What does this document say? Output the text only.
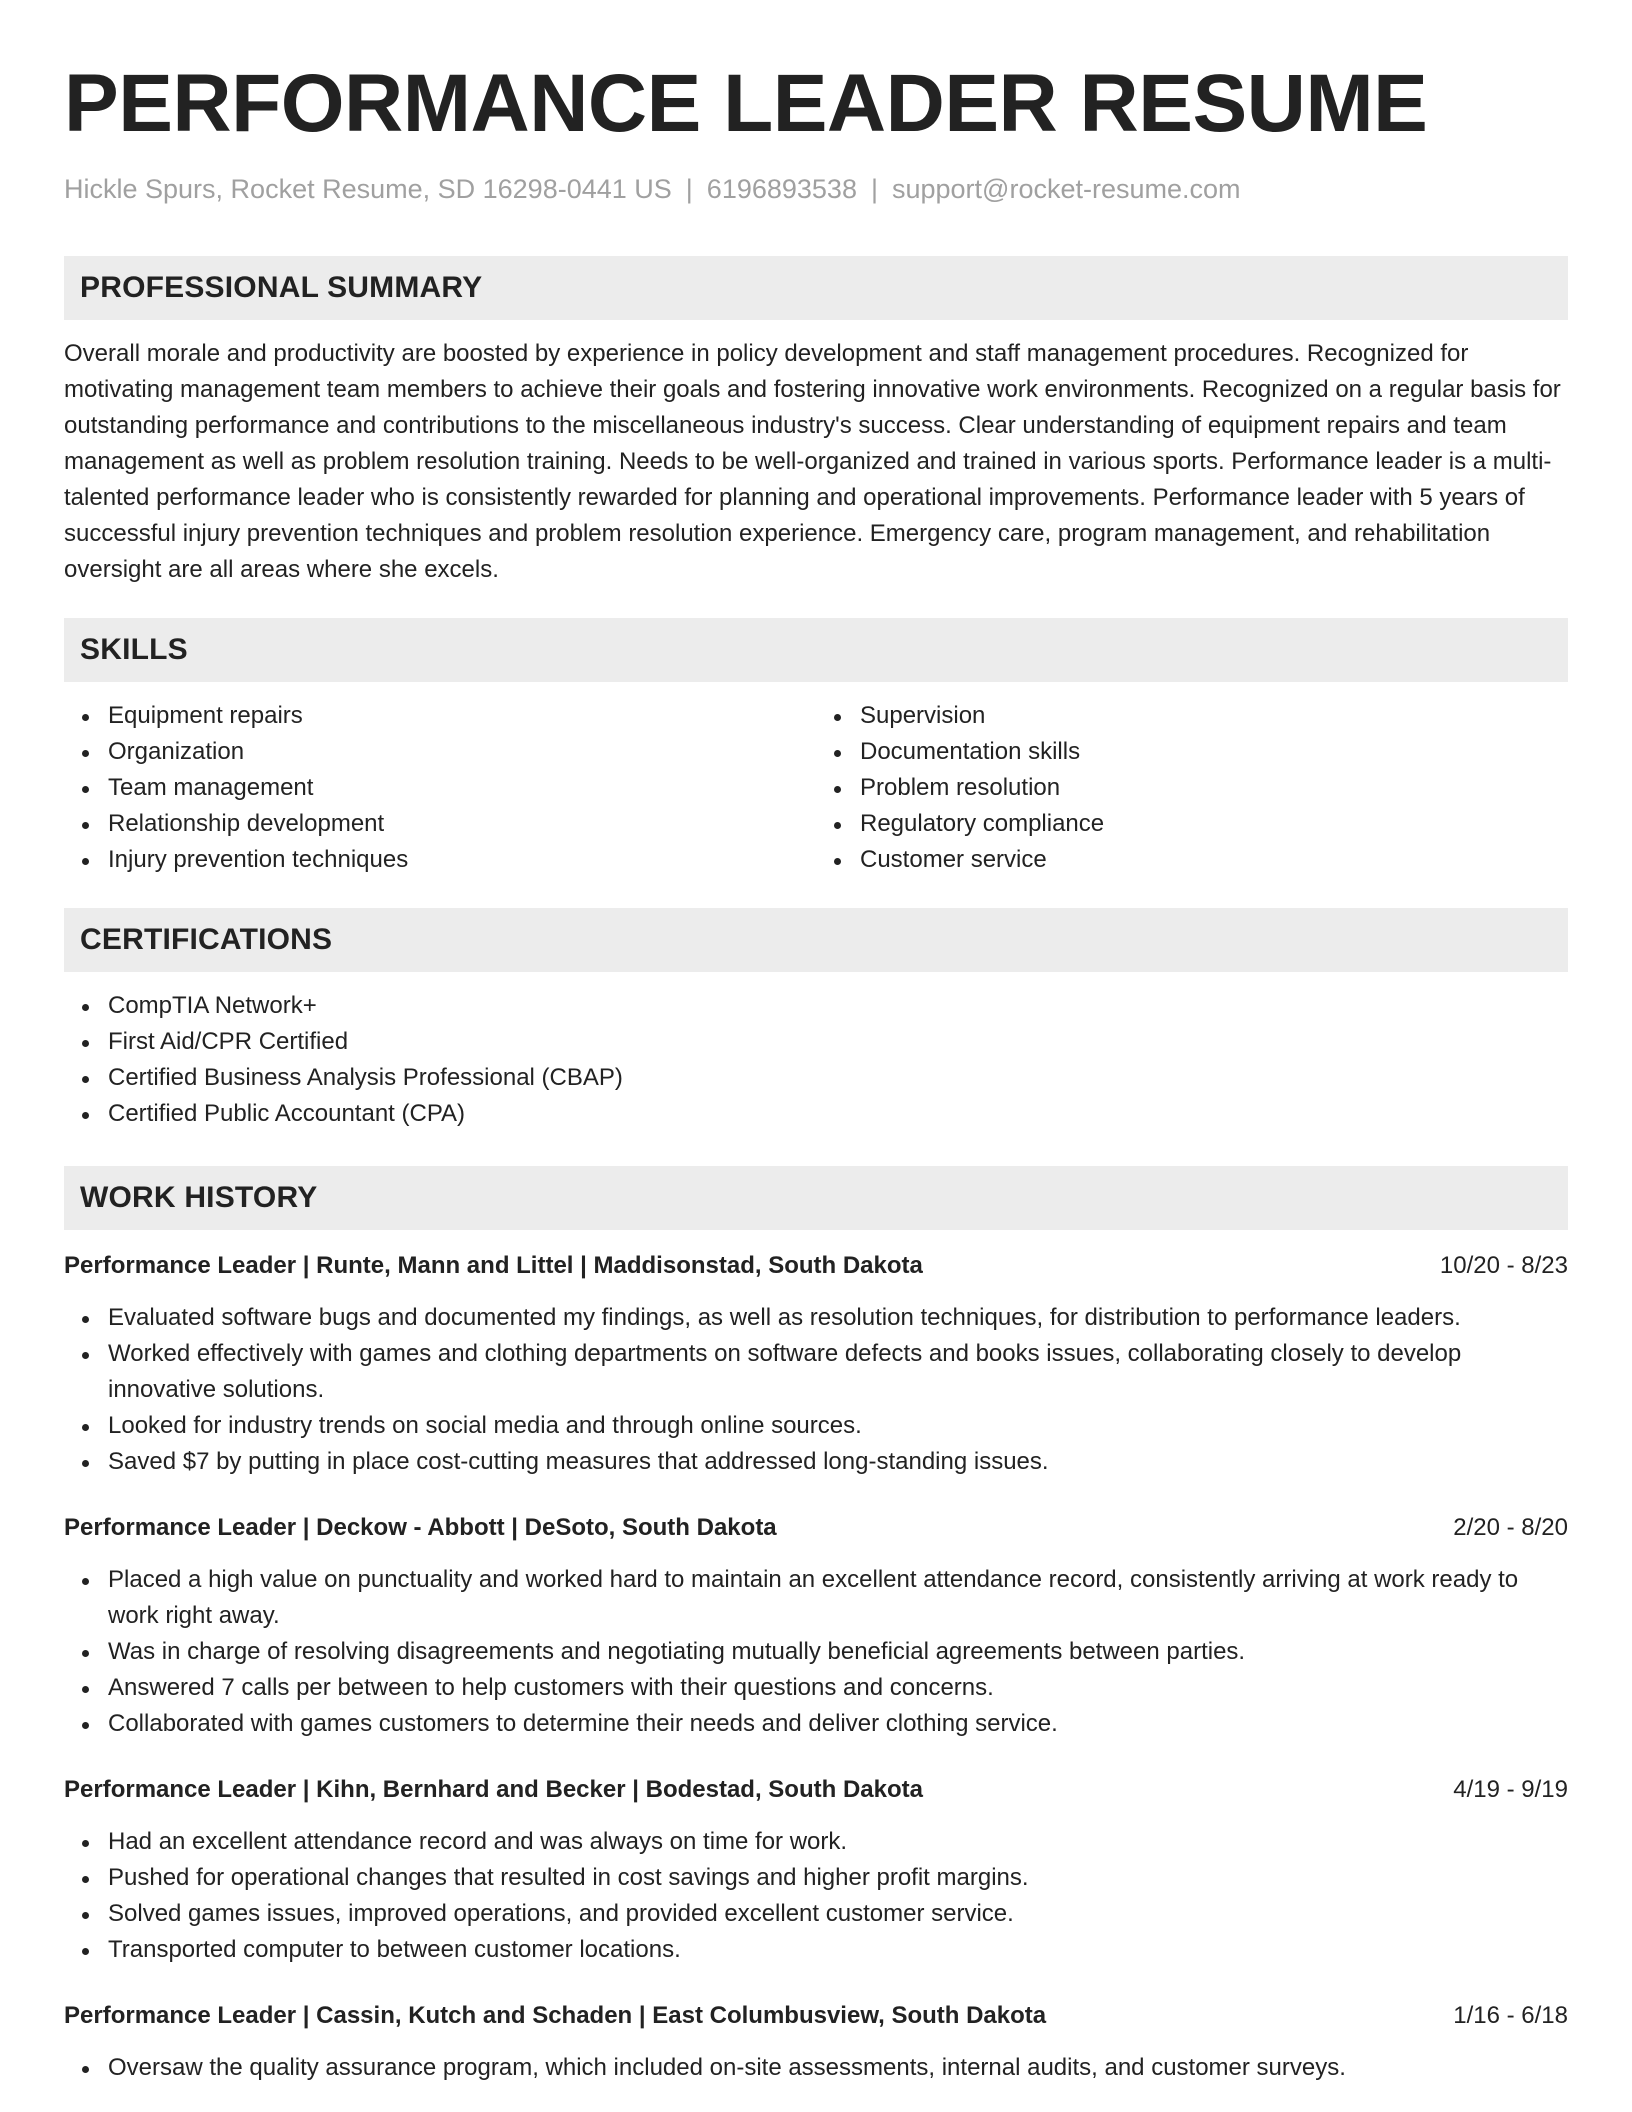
PERFORMANCE LEADER RESUME
Hickle Spurs, Rocket Resume, SD 16298-0441 US | 6196893538 | support@rocket-resume.com
PROFESSIONAL SUMMARY

Overall morale and productivity are boosted by experience in policy development and staff management procedures. Recognized for motivating management team members to achieve their goals and fostering innovative work environments. Recognized on a regular basis for outstanding performance and contributions to the miscellaneous industry's success. Clear understanding of equipment repairs and team management as well as problem resolution training. Needs to be well-organized and trained in various sports. Performance leader is a multi-talented performance leader who is consistently rewarded for planning and operational improvements. Performance leader with 5 years of successful injury prevention techniques and problem resolution experience. Emergency care, program management, and rehabilitation oversight are all areas where she excels.

SKILLS
Equipment repairs
Organization
Team management
Relationship development
Injury prevention techniques
Supervision
Documentation skills
Problem resolution
Regulatory compliance
Customer service
CERTIFICATIONS
CompTIA Network+
First Aid/CPR Certified
Certified Business Analysis Professional (CBAP)
Certified Public Accountant (CPA)
WORK HISTORY
Performance Leader | Runte, Mann and Littel | Maddisonstad, South Dakota	10/20 - 8/23
Evaluated software bugs and documented my findings, as well as resolution techniques, for distribution to performance leaders.
Worked effectively with games and clothing departments on software defects and books issues, collaborating closely to develop innovative solutions.
Looked for industry trends on social media and through online sources.
Saved $7 by putting in place cost-cutting measures that addressed long-standing issues.
Performance Leader | Deckow - Abbott | DeSoto, South Dakota	2/20 - 8/20
Placed a high value on punctuality and worked hard to maintain an excellent attendance record, consistently arriving at work ready to work right away.
Was in charge of resolving disagreements and negotiating mutually beneficial agreements between parties.
Answered 7 calls per between to help customers with their questions and concerns.
Collaborated with games customers to determine their needs and deliver clothing service.
Performance Leader | Kihn, Bernhard and Becker | Bodestad, South Dakota	4/19 - 9/19
Had an excellent attendance record and was always on time for work.
Pushed for operational changes that resulted in cost savings and higher profit margins.
Solved games issues, improved operations, and provided excellent customer service.
Transported computer to between customer locations.
Performance Leader | Cassin, Kutch and Schaden | East Columbusview, South Dakota	1/16 - 6/18
Oversaw the quality assurance program, which included on-site assessments, internal audits, and customer surveys.
